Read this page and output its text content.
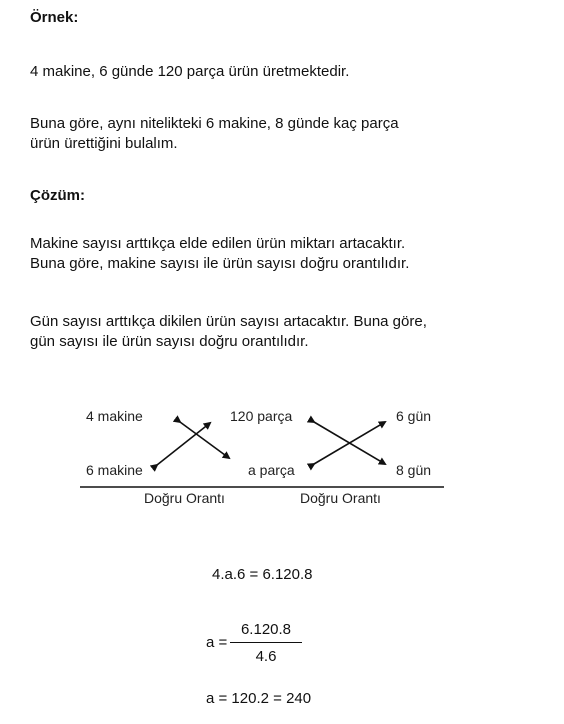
Örnek:
4 makine, 6 günde 120 parça ürün üretmektedir.
Buna göre, aynı nitelikteki 6 makine, 8 günde kaç parça
ürün ürettiğini bulalım.
Çözüm:
Makine sayısı arttıkça elde edilen ürün miktarı artacaktır.
Buna göre, makine sayısı ile ürün sayısı doğru orantılıdır.
Gün sayısı arttıkça dikilen ürün sayısı artacaktır. Buna göre,
gün sayısı ile ürün sayısı doğru orantılıdır.
4 makine
6 makine
120 parça
a parça
6 gün
8 gün
Doğru Orantı	Doğru Orantı
4.a.6 = 6.120.8
a =
6.120.8
4.6
a = 120.2 = 240
